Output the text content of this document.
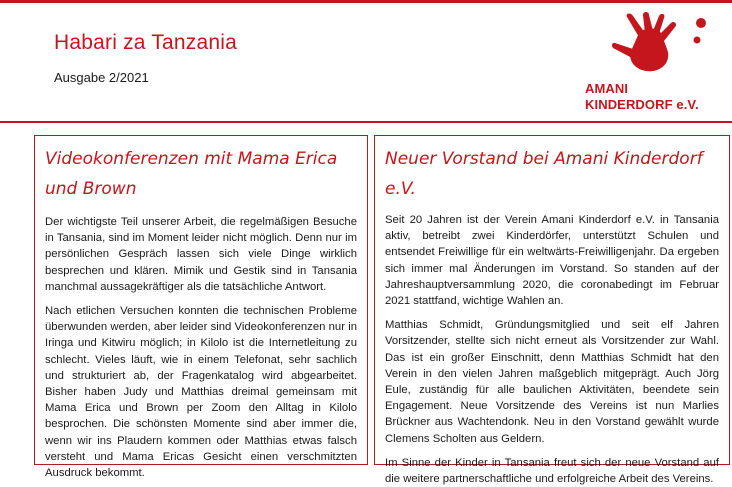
Habari za Tanzania
Ausgabe 2/2021
AMANI
KINDERDORF e.V.
Videokonferenzen mit Mama Erica und Brown

Der wichtigste Teil unserer Arbeit, die regelmäßigen Besuche in Tansania, sind im Moment leider nicht möglich. Denn nur im persönlichen Gespräch lassen sich viele Dinge wirklich besprechen und klären. Mimik und Gestik sind in Tansania manchmal aussagekräftiger als die tatsächliche Antwort.

Nach etlichen Versuchen konnten die technischen Probleme überwunden werden, aber leider sind Videokonferenzen nur in Iringa und Kitwiru möglich; in Kilolo ist die Internetleitung zu schlecht. Vieles läuft, wie in einem Telefonat, sehr sachlich und strukturiert ab, der Fragenkatalog wird abgearbeitet. Bisher haben Judy und Matthias dreimal gemeinsam mit Mama Erica und Brown per Zoom den Alltag in Kilolo besprochen. Die schönsten Momente sind aber immer die, wenn wir ins Plaudern kommen oder Matthias etwas falsch versteht und Mama Ericas Gesicht einen verschmitzten Ausdruck bekommt.

Neuer Vorstand bei Amani Kinderdorf e.V.

Seit 20 Jahren ist der Verein Amani Kinderdorf e.V. in Tansania aktiv, betreibt zwei Kinderdörfer, unterstützt Schulen und entsendet Freiwillige für ein weltwärts-Freiwilligenjahr. Da ergeben sich immer mal Änderungen im Vorstand. So standen auf der Jahreshauptversammlung 2020, die coronabedingt im Februar 2021 stattfand, wichtige Wahlen an.

Matthias Schmidt, Gründungsmitglied und seit elf Jahren Vorsitzender, stellte sich nicht erneut als Vorsitzender zur Wahl. Das ist ein großer Einschnitt, denn Matthias Schmidt hat den Verein in den vielen Jahren maßgeblich mitgeprägt. Auch Jörg Eule, zuständig für alle baulichen Aktivitäten, beendete sein Engagement. Neue Vorsitzende des Vereins ist nun Marlies Brückner aus Wachtendonk. Neu in den Vorstand gewählt wurde Clemens Scholten aus Geldern.

Im Sinne der Kinder in Tansania freut sich der neue Vorstand auf die weitere partnerschaftliche und erfolgreiche Arbeit des Vereins.
